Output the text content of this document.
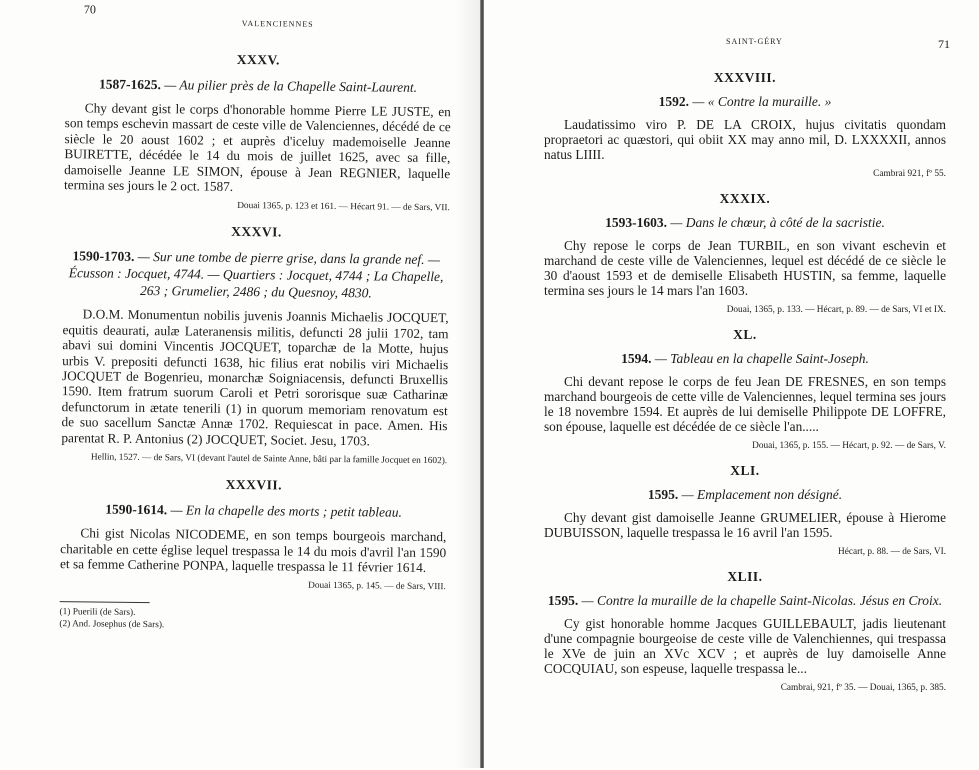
70
VALENCIENNES
XXXV.
1587-1625. — Au pilier près de la Chapelle Saint-Laurent.

Chy devant gist le corps d'honorable homme Pierre LE JUSTE, en son temps eschevin massart de ceste ville de Valenciennes, décédé de ce siècle le 20 aoust 1602 ; et auprès d'iceluy mademoiselle Jeanne BUIRETTE, décédée le 14 du mois de juillet 1625, avec sa fille, damoiselle Jeanne LE SIMON, épouse à Jean REGNIER, laquelle termina ses jours le 2 oct. 1587.

Douai 1365, p. 123 et 161. — Hécart 91. — de Sars, VII.
XXXVI.
1590-1703. — Sur une tombe de pierre grise, dans la grande nef. — Écusson : Jocquet, 4744. — Quartiers : Jocquet, 4744 ; La Chapelle, 263 ; Grumelier, 2486 ; du Quesnoy, 4830.

D.O.M. Monumentun nobilis juvenis Joannis Michaelis JOCQUET, equitis deaurati, aulæ Lateranensis militis, defuncti 28 julii 1702, tam abavi sui domini Vincentis JOCQUET, toparchæ de la Motte, hujus urbis V. prepositi defuncti 1638, hic filius erat nobilis viri Michaelis JOCQUET de Bogenrieu, monarchæ Soigniacensis, defuncti Bruxellis 1590. Item fratrum suorum Caroli et Petri sororisque suæ Catharinæ defunctorum in ætate tenerili (1) in quorum memoriam renovatum est de suo sacellum Sanctæ Annæ 1702. Requiescat in pace. Amen. His parentat R. P. Antonius (2) JOCQUET, Societ. Jesu, 1703.

Hellin, 1527. — de Sars, VI (devant l'autel de Sainte Anne, bâti par la famille Jocquet en 1602).
XXXVII.
1590-1614. — En la chapelle des morts ; petit tableau.

Chi gist Nicolas NICODEME, en son temps bourgeois marchand, charitable en cette église lequel trespassa le 14 du mois d'avril l'an 1590 et sa femme Catherine PONPA, laquelle trespassa le 11 février 1614.

Douai 1365, p. 145. — de Sars, VIII.
(1) Puerili (de Sars).
(2) And. Josephus (de Sars).
SAINT-GÉRY	71
XXXVIII.
1592. — « Contre la muraille. »

Laudatissimo viro P. DE LA CROIX, hujus civitatis quondam propraetori ac quæstori, qui obiit XX may anno mil, D. LXXXXII, annos natus LIIII.

Cambrai 921, fº 55.
XXXIX.
1593-1603. — Dans le chœur, à côté de la sacristie.

Chy repose le corps de Jean TURBIL, en son vivant eschevin et marchand de ceste ville de Valenciennes, lequel est décédé de ce siècle le 30 d'aoust 1593 et de demiselle Elisabeth HUSTIN, sa femme, laquelle termina ses jours le 14 mars l'an 1603.

Douai, 1365, p. 133. — Hécart, p. 89. — de Sars, VI et IX.
XL.
1594. — Tableau en la chapelle Saint-Joseph.

Chi devant repose le corps de feu Jean DE FRESNES, en son temps marchand bourgeois de cette ville de Valenciennes, lequel termina ses jours le 18 novembre 1594. Et auprès de lui demiselle Philippote DE LOFFRE, son épouse, laquelle est décédée de ce siècle l'an.....

Douai, 1365, p. 155. — Hécart, p. 92. — de Sars, V.
XLI.
1595. — Emplacement non désigné.

Chy devant gist damoiselle Jeanne GRUMELIER, épouse à Hierome DUBUISSON, laquelle trespassa le 16 avril l'an 1595.

Hécart, p. 88. — de Sars, VI.
XLII.
1595. — Contre la muraille de la chapelle Saint-Nicolas. Jésus en Croix.

Cy gist honorable homme Jacques GUILLEBAULT, jadis lieutenant d'une compagnie bourgeoise de ceste ville de Valenchiennes, qui trespassa le XVe de juin an XVc XCV ; et auprès de luy damoiselle Anne COCQUIAU, son espeuse, laquelle trespassa le...

Cambrai, 921, fº 35. — Douai, 1365, p. 385.
